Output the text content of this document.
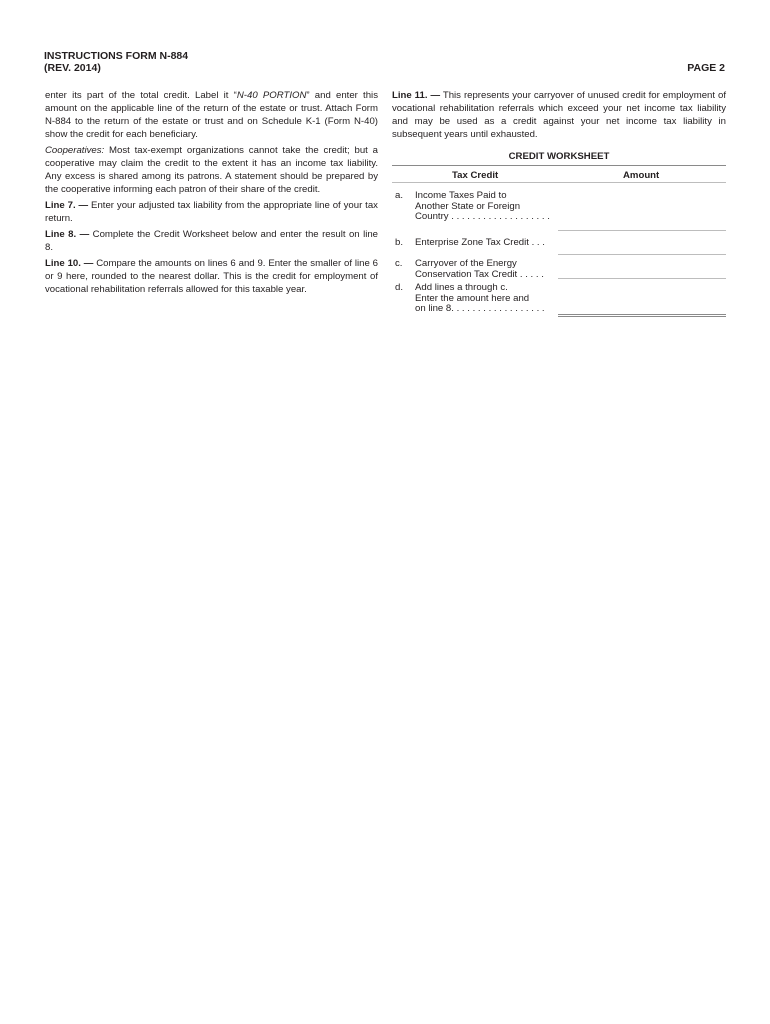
INSTRUCTIONS FORM N-884
(REV. 2014)	PAGE 2

enter its part of the total credit. Label it “N-40 PORTION” and enter this amount on the applicable line of the return of the estate or trust. Attach Form N-884 to the return of the estate or trust and on Schedule K-1 (Form N-40) show the credit for each beneficiary.

Cooperatives: Most tax-exempt organizations cannot take the credit; but a cooperative may claim the credit to the extent it has an income tax liability. Any excess is shared among its patrons. A statement should be prepared by the cooperative informing each patron of their share of the credit.

Line 7. — Enter your adjusted tax liability from the appropriate line of your tax return.

Line 8. — Complete the Credit Worksheet below and enter the result on line 8.

Line 10. — Compare the amounts on lines 6 and 9. Enter the smaller of line 6 or 9 here, rounded to the nearest dollar. This is the credit for employment of vocational rehabilitation referrals allowed for this taxable year.

Line 11. — This represents your carryover of unused credit for employment of vocational rehabilitation referrals which exceed your net income tax liability and may be used as a credit against your net income tax liability in subsequent years until exhausted.

CREDIT WORKSHEET
Tax Credit	Amount
a. Income Taxes Paid to
Another State or Foreign
Country . . . . . . . . . . . . . . . . . . .
b. Enterprise Zone Tax Credit . . .
c. Carryover of the Energy
Conservation Tax Credit . . . . .
d. Add lines a through c.
Enter the amount here and
on line 8. . . . . . . . . . . . . . . . . .
